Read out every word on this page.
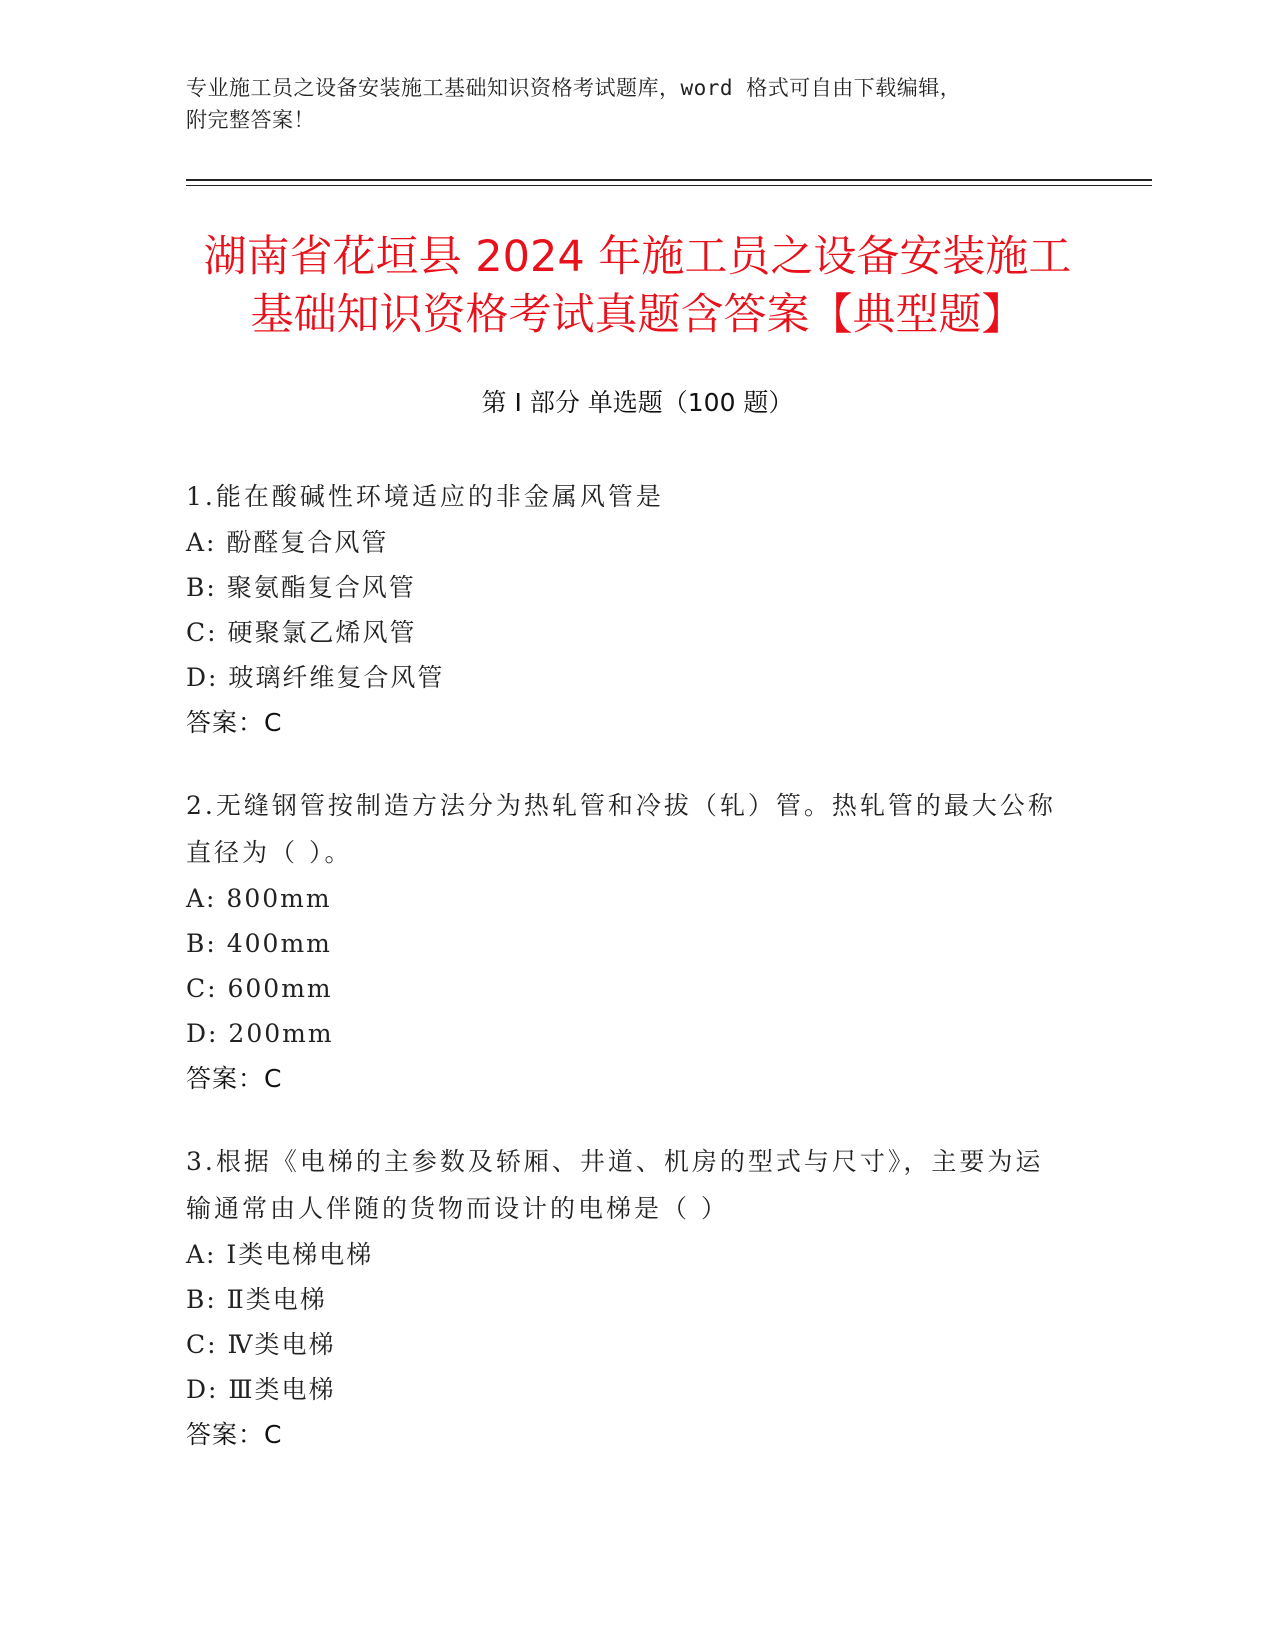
专业施工员之设备安装施工基础知识资格考试题库，word 格式可自由下载编辑，
附完整答案！
湖南省花垣县 2024 年施工员之设备安装施工
基础知识资格考试真题含答案【典型题】
第 I 部分 单选题（100 题）
1.能在酸碱性环境适应的非金属风管是
A: 酚醛复合风管
B: 聚氨酯复合风管
C: 硬聚氯乙烯风管
D: 玻璃纤维复合风管
答案：C
2.无缝钢管按制造方法分为热轧管和冷拔（轧）管。热轧管的最大公称直径为（ ）。
A: 800mm
B: 400mm
C: 600mm
D: 200mm
答案：C
3.根据《电梯的主参数及轿厢、井道、机房的型式与尺寸》，主要为运输通常由人伴随的货物而设计的电梯是（ ）
A: Ⅰ类电梯电梯
B: Ⅱ类电梯
C: Ⅳ类电梯
D: Ⅲ类电梯
答案：C
